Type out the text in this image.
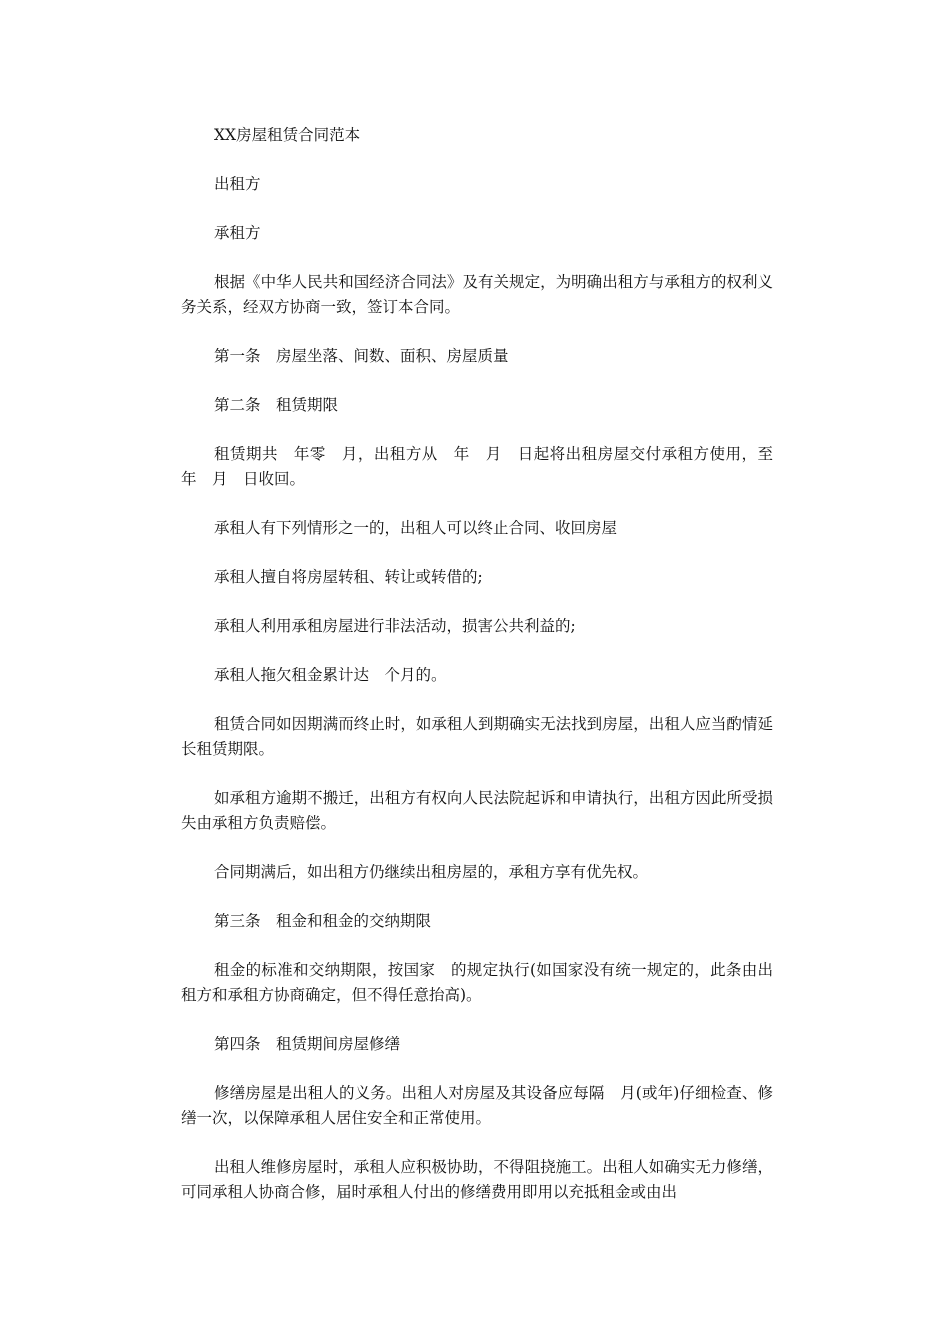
XX房屋租赁合同范本

出租方

承租方

根据《中华人民共和国经济合同法》及有关规定，为明确出租方与承租方的权利义务关系，经双方协商一致，签订本合同。

第一条　房屋坐落、间数、面积、房屋质量

第二条　租赁期限

租赁期共　年零　月，出租方从　年　月　日起将出租房屋交付承租方使用，至　年　月　日收回。

承租人有下列情形之一的，出租人可以终止合同、收回房屋

承租人擅自将房屋转租、转让或转借的;

承租人利用承租房屋进行非法活动，损害公共利益的;

承租人拖欠租金累计达　个月的。

租赁合同如因期满而终止时，如承租人到期确实无法找到房屋，出租人应当酌情延长租赁期限。

如承租方逾期不搬迁，出租方有权向人民法院起诉和申请执行，出租方因此所受损失由承租方负责赔偿。

合同期满后，如出租方仍继续出租房屋的，承租方享有优先权。

第三条　租金和租金的交纳期限

租金的标准和交纳期限，按国家　的规定执行(如国家没有统一规定的，此条由出租方和承租方协商确定，但不得任意抬高)。

第四条　租赁期间房屋修缮

修缮房屋是出租人的义务。出租人对房屋及其设备应每隔　月(或年)仔细检查、修缮一次，以保障承租人居住安全和正常使用。

出租人维修房屋时，承租人应积极协助，不得阻挠施工。出租人如确实无力修缮，可同承租人协商合修，届时承租人付出的修缮费用即用以充抵租金或由出
